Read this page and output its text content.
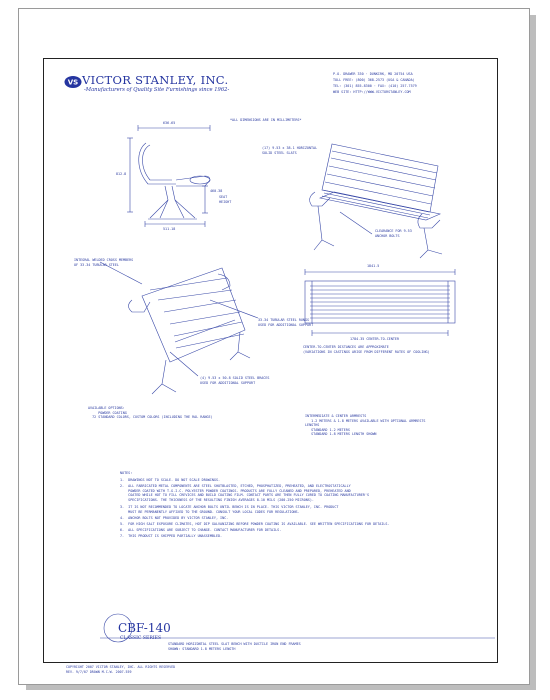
VS VICTOR STANLEY, INC.
-Manufacturers of Quality Site Furnishings since 1962-
P.O. DRAWER 330 · DUNKIRK, MD 20754 USA
TOLL FREE: (800) 368-2573 (USA & CANADA)
TEL: (301) 855-8300 · FAX: (410) 257-7579
WEB SITE: HTTP://WWW.VICTORSTANLEY.COM
*ALL DIMENSIONS ARE IN MILLIMETERS*
636.65
812.8
460.38
SEAT
HEIGHT
511.18
(17) 9.53 x 38.1 HORIZONTAL
SOLID STEEL SLATS
CLEARANCE FOR 9.53
ANCHOR BOLTS
INTEGRAL WELDED CROSS MEMBERS
OF 33.34 TUBULAR STEEL
33.34 TUBULAR STEEL RUNGS
USED FOR ADDITIONAL SUPPORT
(4) 9.53 x 50.8 SOLID STEEL BRACES
USED FOR ADDITIONAL SUPPORT
1841.5
1784.35 CENTER-TO-CENTER
CENTER-TO-CENTER DISTANCES ARE APPROXIMATE
(VARIATIONS IN CASTINGS ARISE FROM DIFFERENT RATES OF COOLING)
AVAILABLE OPTIONS:
POWDER COATING
72 STANDARD COLORS, CUSTOM COLORS (INCLUDING THE RAL RANGE)	INTERMEDIATE & CENTER ARMRESTS
1.2 METERS & 1.8 METERS AVAILABLE WITH OPTIONAL ARMRESTS
LENGTHS
STANDARD 1.2 METERS
STANDARD 1.8 METERS LENGTH SHOWN
NOTES:
1.  DRAWINGS NOT TO SCALE. DO NOT SCALE DRAWINGS.
2.  ALL FABRICATED METAL COMPONENTS ARE STEEL SHOTBLASTED, ETCHED, PHOSPHATIZED, PREHEATED, AND ELECTROSTATICALLY
POWDER COATED WITH T.G.I.C. POLYESTER POWDER COATINGS. PRODUCTS ARE FULLY CLEANED AND PREPARED, PREHEATED AND
COATED WHILE HOT TO FILL CREVICES AND BUILD COATING FILM. CONTACT PARTS ARE THEN FULLY CURED TO COATING MANUFACTURER'S
SPECIFICATIONS. THE THICKNESS OF THE RESULTING FINISH AVERAGES 8-10 MILS (200-250 MICRONS).
3.  IT IS NOT RECOMMENDED TO LOCATE ANCHOR BOLTS UNTIL BENCH IS IN PLACE. THIS VICTOR STANLEY, INC. PRODUCT
MUST BE PERMANENTLY AFFIXED TO THE GROUND. CONSULT YOUR LOCAL CODES FOR REGULATIONS.
4.  ANCHOR BOLTS NOT PROVIDED BY VICTOR STANLEY, INC.
5.  FOR HIGH SALT EXPOSURE CLIMATES, HOT DIP GALVANIZING BEFORE POWDER COATING IS AVAILABLE. SEE WRITTEN SPECIFICATIONS FOR DETAILS.
6.  ALL SPECIFICATIONS ARE SUBJECT TO CHANGE. CONTACT MANUFACTURER FOR DETAILS.
7.  THIS PRODUCT IS SHIPPED PARTIALLY UNASSEMBLED.
CBF-140
CLASSIC SERIES
STANDARD HORIZONTAL STEEL SLAT BENCH WITH DUCTILE IRON END FRAMES
SHOWN: STANDARD 1.8 METERS LENGTH
COPYRIGHT 2007 VICTOR STANLEY, INC. ALL RIGHTS RESERVED
REV. 9/7/07 DRAWN M.C.W. 2007-559
